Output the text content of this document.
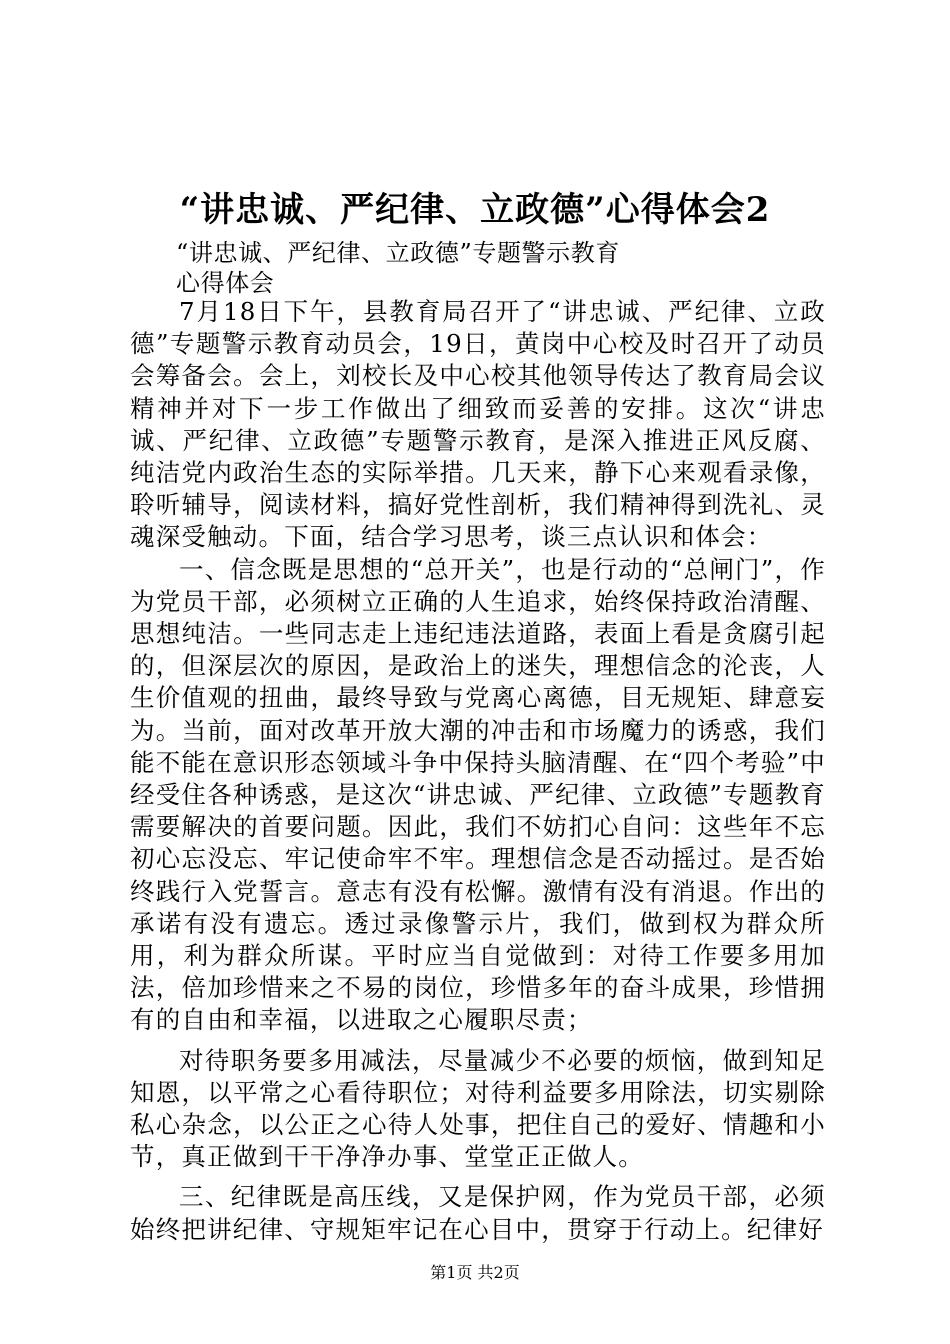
“讲忠诚、严纪律、立政德”心得体会2
“讲忠诚、严纪律、立政德”专题警示教育
心得体会

7月18日下午，县教育局召开了“讲忠诚、严纪律、立政德”专题警示教育动员会，19日，黄岗中心校及时召开了动员会筹备会。会上，刘校长及中心校其他领导传达了教育局会议精神并对下一步工作做出了细致而妥善的安排。这次“讲忠诚、严纪律、立政德”专题警示教育，是深入推进正风反腐、纯洁党内政治生态的实际举措。几天来，静下心来观看录像，聆听辅导，阅读材料，搞好党性剖析，我们精神得到洗礼、灵魂深受触动。下面，结合学习思考，谈三点认识和体会：

一、信念既是思想的“总开关”，也是行动的“总闸门”，作为党员干部，必须树立正确的人生追求，始终保持政治清醒、思想纯洁。一些同志走上违纪违法道路，表面上看是贪腐引起的，但深层次的原因，是政治上的迷失，理想信念的沦丧，人生价值观的扭曲，最终导致与党离心离德，目无规矩、肆意妄为。当前，面对改革开放大潮的冲击和市场魔力的诱惑，我们能不能在意识形态领域斗争中保持头脑清醒、在“四个考验”中经受住各种诱惑，是这次“讲忠诚、严纪律、立政德”专题教育需要解决的首要问题。因此，我们不妨扪心自问：这些年不忘初心忘没忘、牢记使命牢不牢。理想信念是否动摇过。是否始终践行入党誓言。意志有没有松懈。激情有没有消退。作出的承诺有没有遗忘。透过录像警示片，我们，做到权为群众所用，利为群众所谋。平时应当自觉做到：对待工作要多用加法，倍加珍惜来之不易的岗位，珍惜多年的奋斗成果，珍惜拥有的自由和幸福，以进取之心履职尽责；

对待职务要多用减法，尽量减少不必要的烦恼，做到知足知恩，以平常之心看待职位；对待利益要多用除法，切实剔除私心杂念，以公正之心待人处事，把住自己的爱好、情趣和小节，真正做到干干净净办事、堂堂正正做人。

三、纪律既是高压线，又是保护网，作为党员干部，必须始终把讲纪律、守规矩牢记在心目中，贯穿于行动上。纪律好

第1页 共2页
